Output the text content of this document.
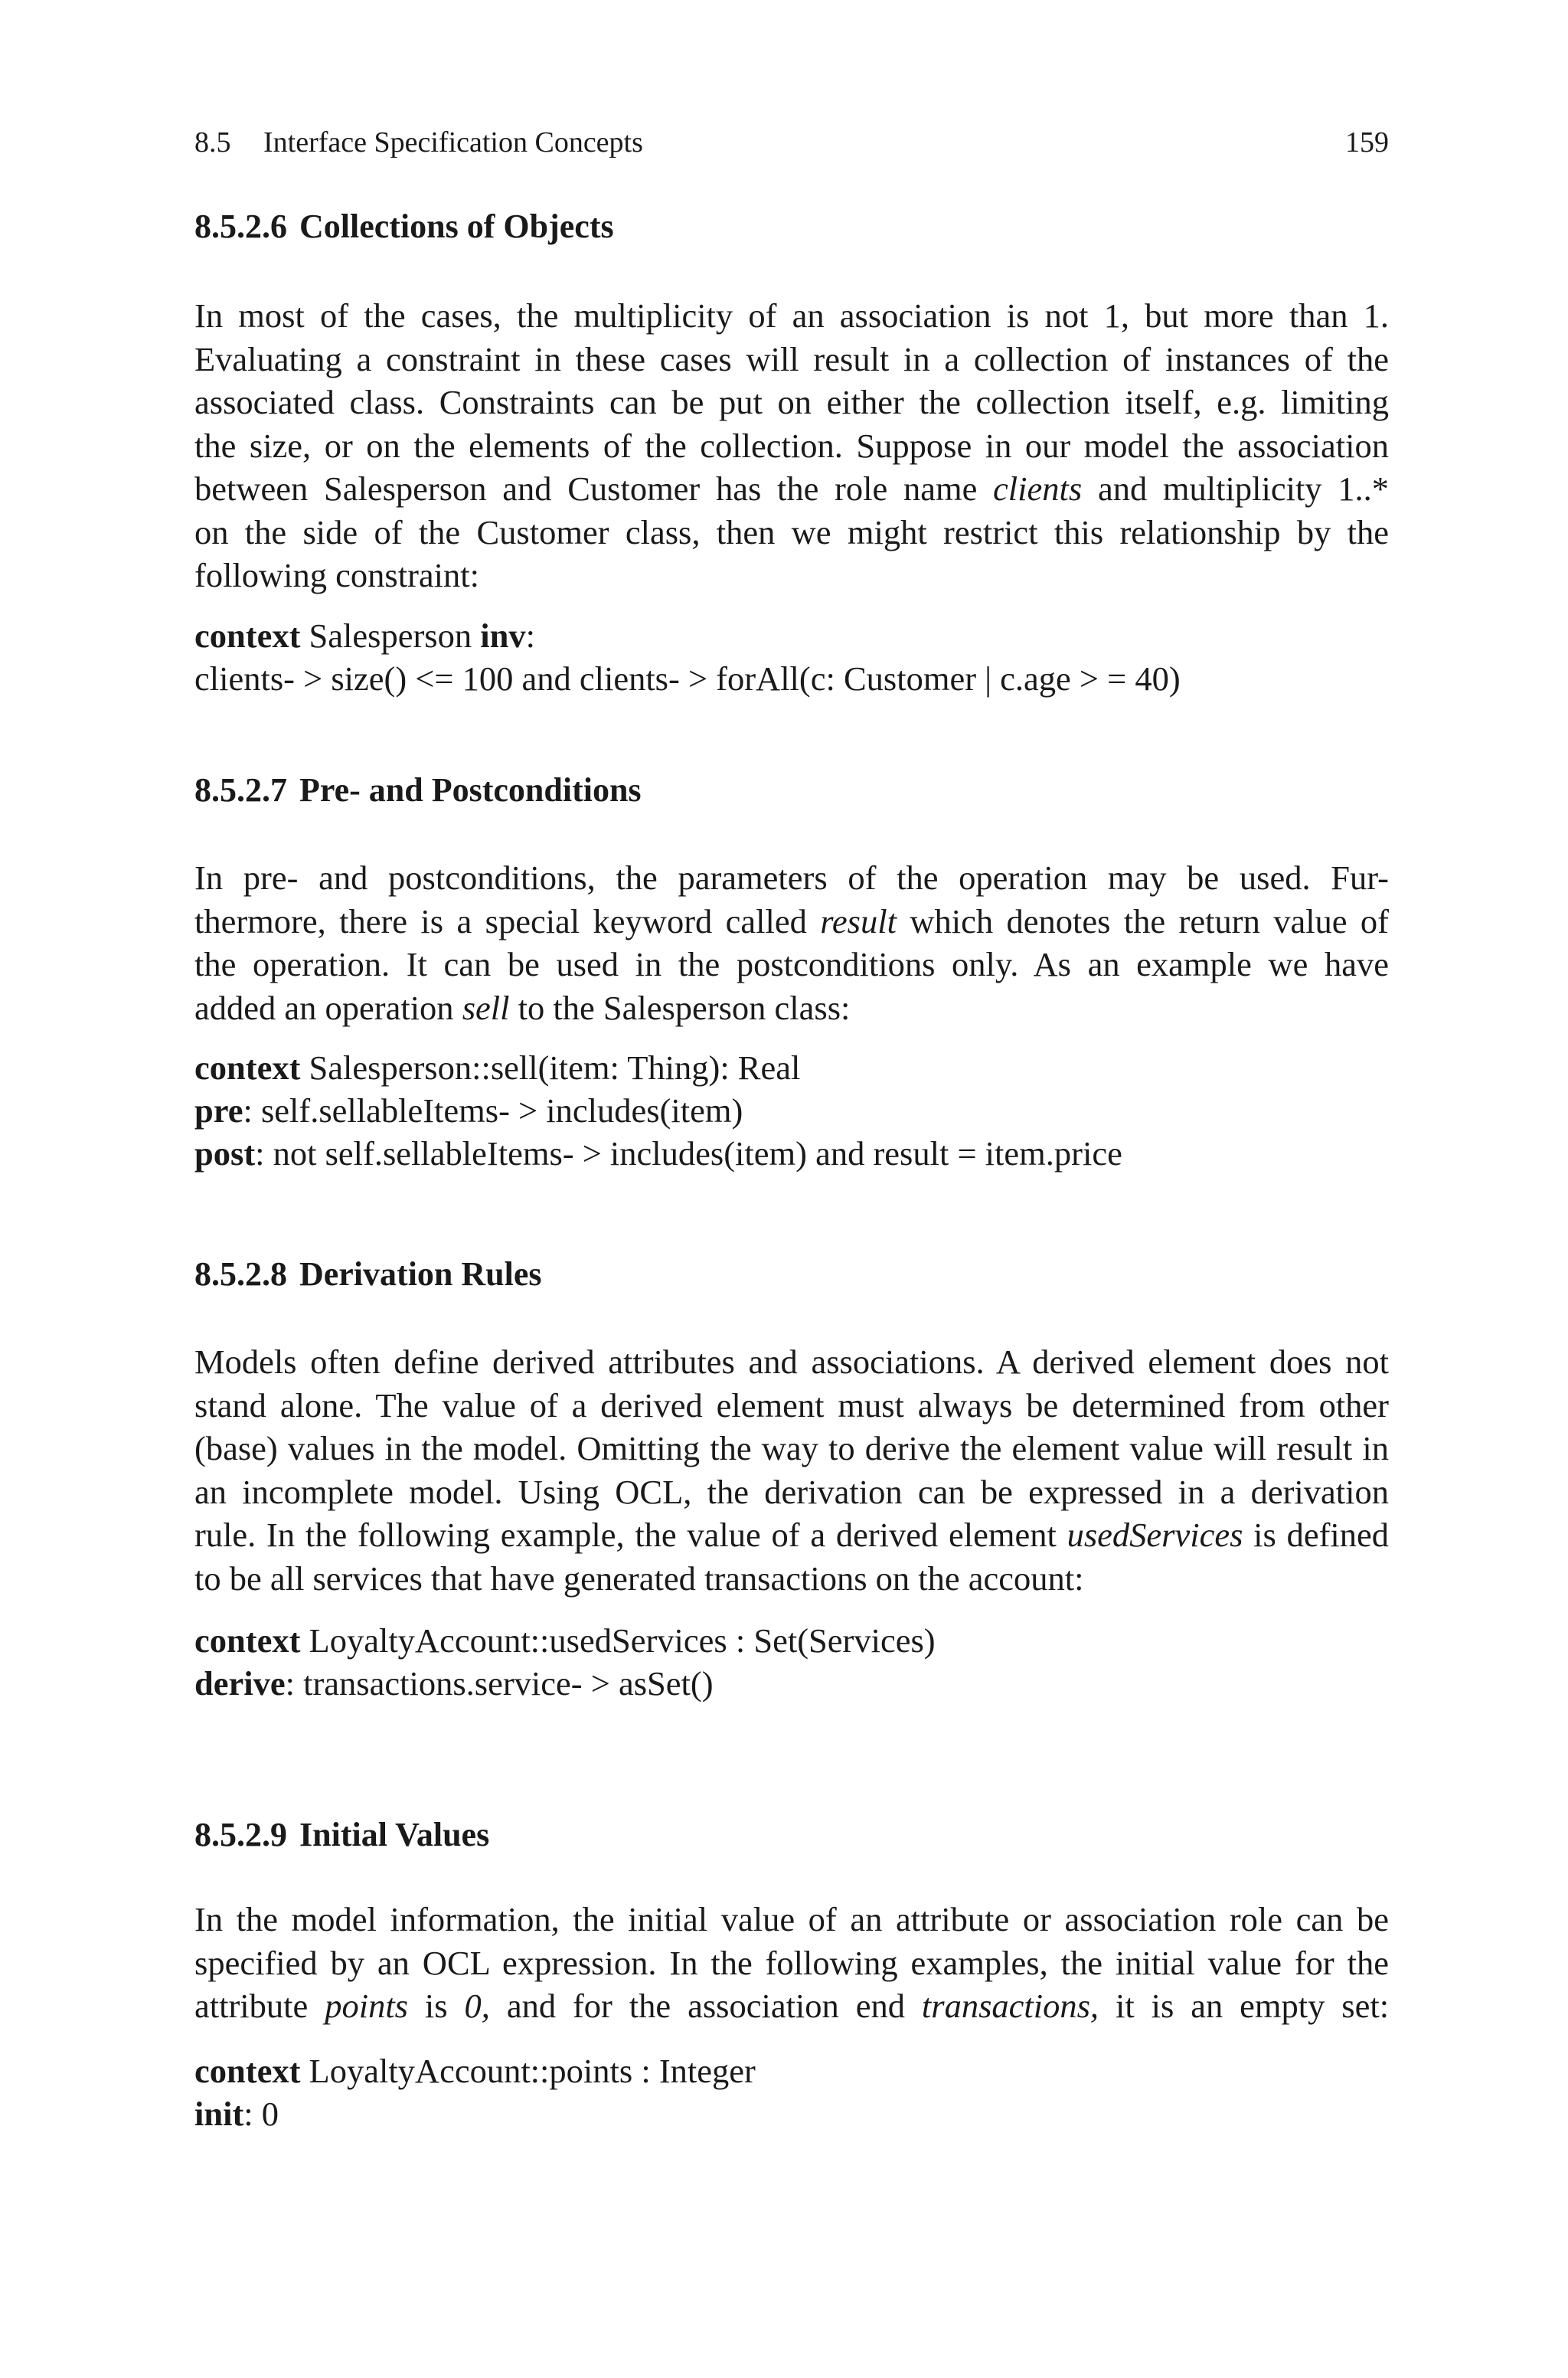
8.5 Interface Specification Concepts	159
8.5.2.6 Collections of Objects
In most of the cases, the multiplicity of an association is not 1, but more than 1.
Evaluating a constraint in these cases will result in a collection of instances of the
associated class. Constraints can be put on either the collection itself, e.g. limiting
the size, or on the elements of the collection. Suppose in our model the association
between Salesperson and Customer has the role name clients and multiplicity 1..*
on the side of the Customer class, then we might restrict this relationship by the
following constraint:
context Salesperson inv:
clients- > size() <= 100 and clients- > forAll(c: Customer | c.age > = 40)
8.5.2.7 Pre- and Postconditions
In pre- and postconditions, the parameters of the operation may be used. Fur-
thermore, there is a special keyword called result which denotes the return value of
the operation. It can be used in the postconditions only. As an example we have
added an operation sell to the Salesperson class:
context Salesperson::sell(item: Thing): Real
pre: self.sellableItems- > includes(item)
post: not self.sellableItems- > includes(item) and result = item.price
8.5.2.8 Derivation Rules
Models often define derived attributes and associations. A derived element does not
stand alone. The value of a derived element must always be determined from other
(base) values in the model. Omitting the way to derive the element value will result in
an incomplete model. Using OCL, the derivation can be expressed in a derivation
rule. In the following example, the value of a derived element usedServices is defined
to be all services that have generated transactions on the account:
context LoyaltyAccount::usedServices : Set(Services)
derive: transactions.service- > asSet()
8.5.2.9 Initial Values
In the model information, the initial value of an attribute or association role can be
specified by an OCL expression. In the following examples, the initial value for the
attribute points is 0, and for the association end transactions, it is an empty set:
context LoyaltyAccount::points : Integer
init: 0
